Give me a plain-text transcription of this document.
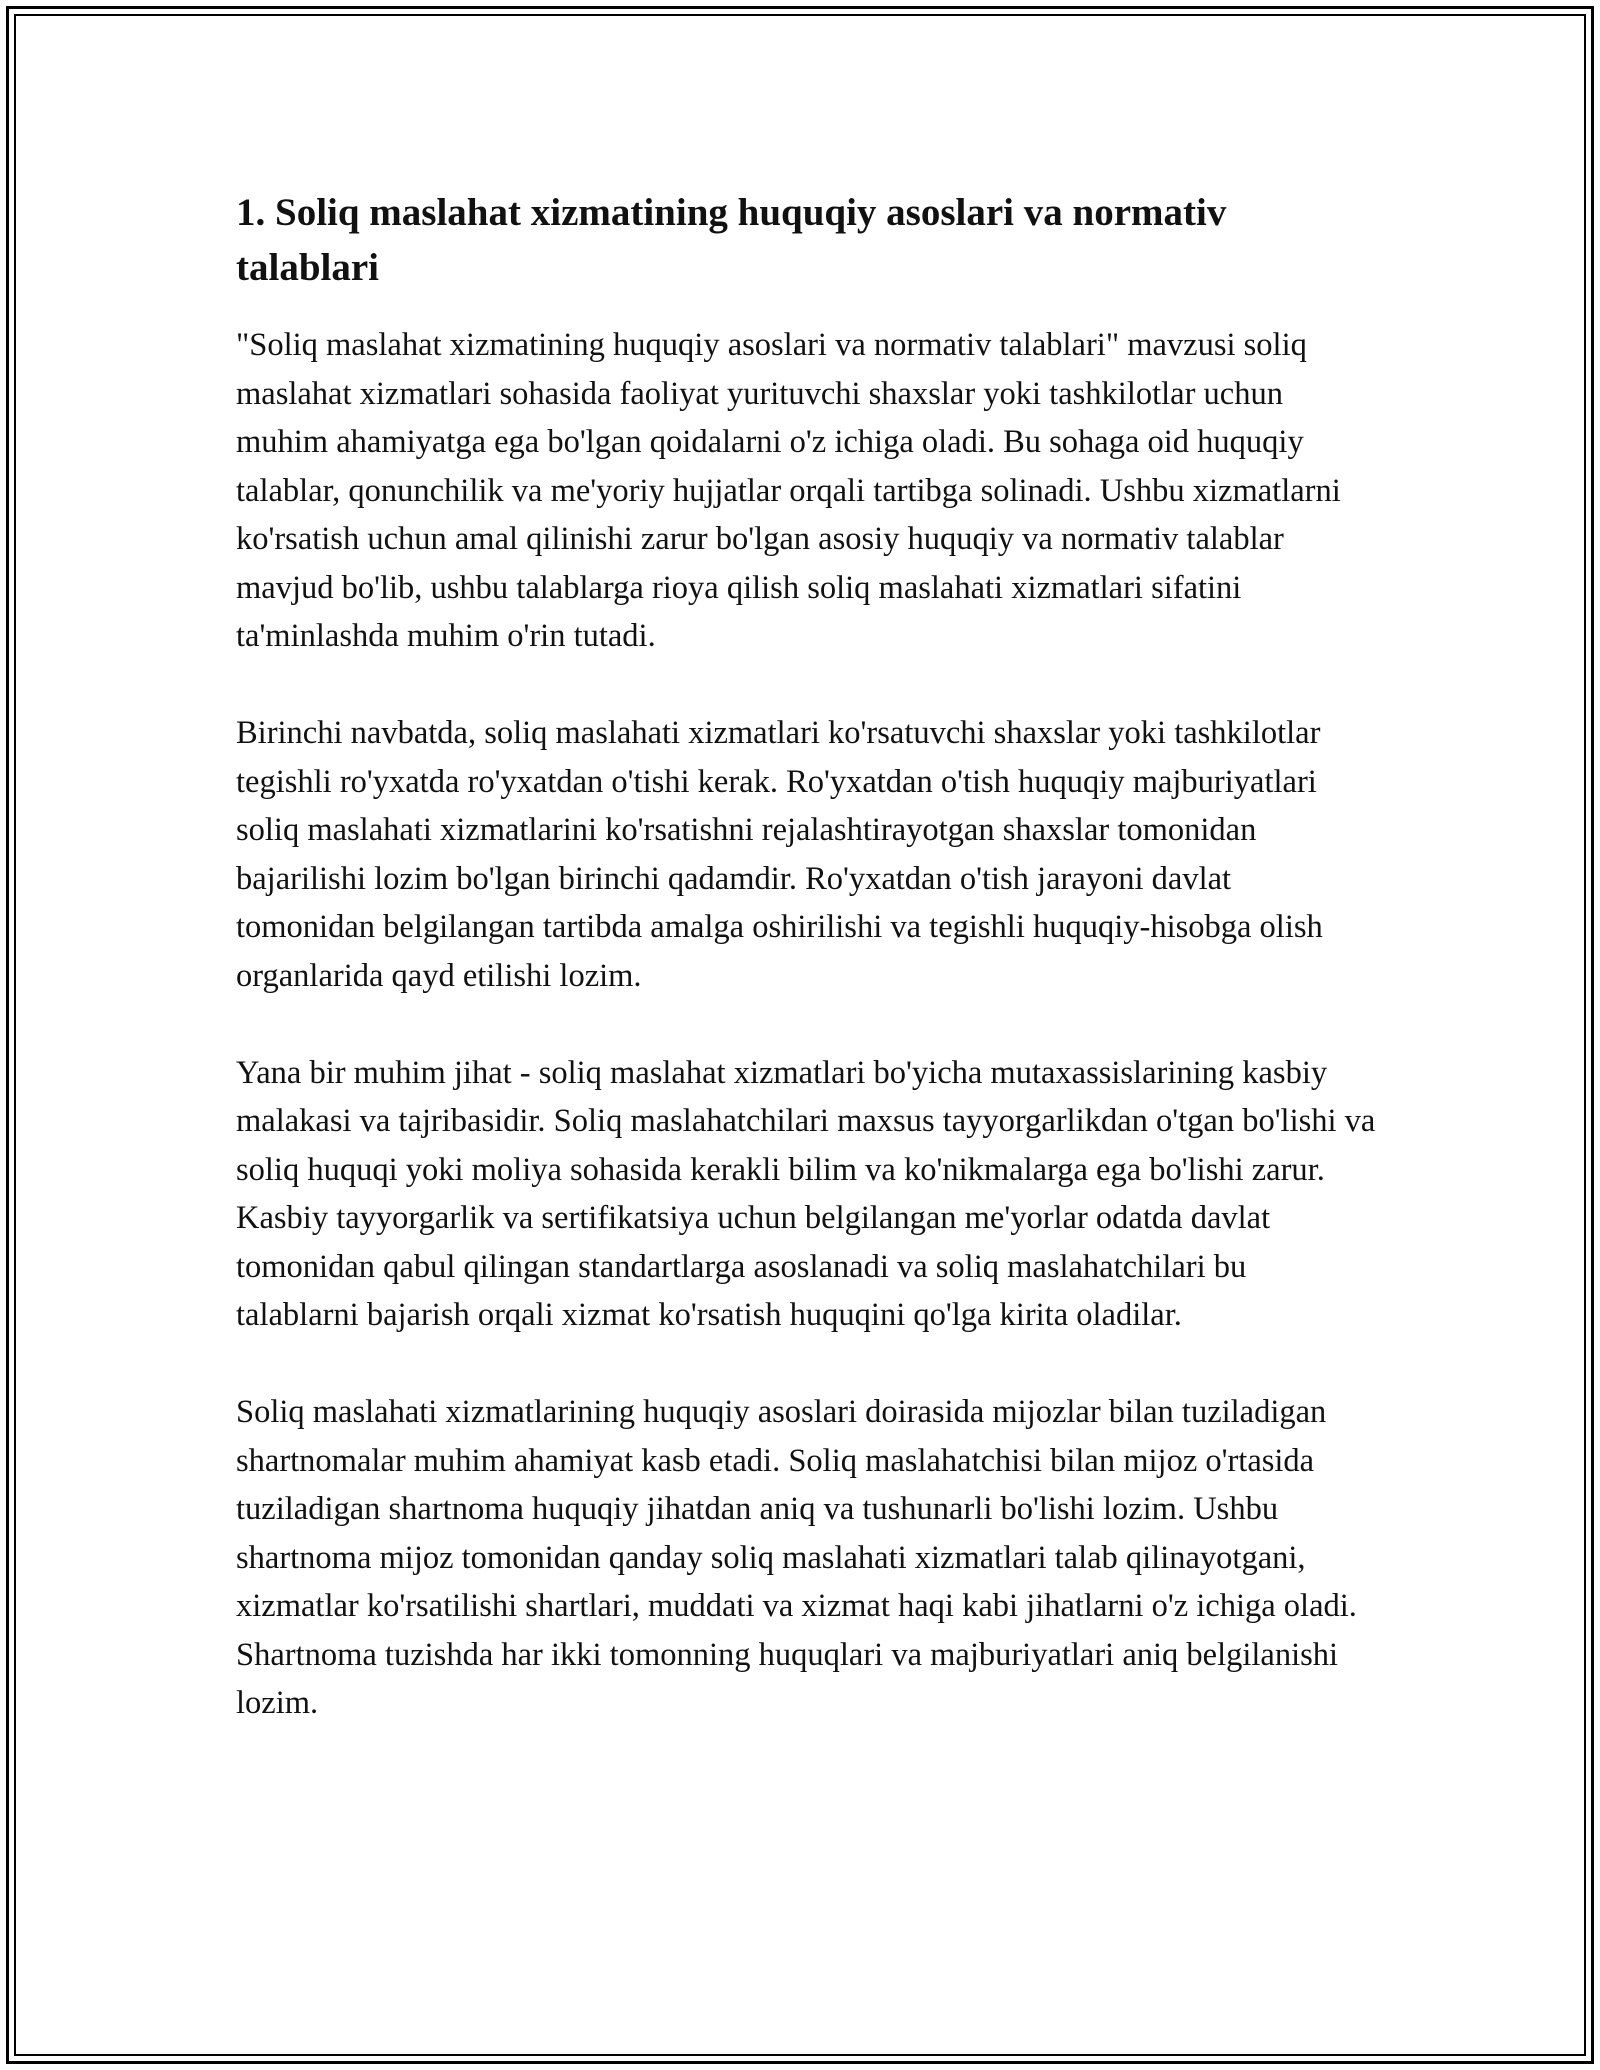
1. Soliq maslahat xizmatining huquqiy asoslari va normativ talablari

"Soliq maslahat xizmatining huquqiy asoslari va normativ talablari" mavzusi soliq maslahat xizmatlari sohasida faoliyat yurituvchi shaxslar yoki tashkilotlar uchun muhim ahamiyatga ega bo'lgan qoidalarni o'z ichiga oladi. Bu sohaga oid huquqiy talablar, qonunchilik va me'yoriy hujjatlar orqali tartibga solinadi. Ushbu xizmatlarni ko'rsatish uchun amal qilinishi zarur bo'lgan asosiy huquqiy va normativ talablar mavjud bo'lib, ushbu talablarga rioya qilish soliq maslahati xizmatlari sifatini ta'minlashda muhim o'rin tutadi.

Birinchi navbatda, soliq maslahati xizmatlari ko'rsatuvchi shaxslar yoki tashkilotlar tegishli ro'yxatda ro'yxatdan o'tishi kerak. Ro'yxatdan o'tish huquqiy majburiyatlari soliq maslahati xizmatlarini ko'rsatishni rejalashtirayotgan shaxslar tomonidan bajarilishi lozim bo'lgan birinchi qadamdir. Ro'yxatdan o'tish jarayoni davlat tomonidan belgilangan tartibda amalga oshirilishi va tegishli huquqiy-hisobga olish organlarida qayd etilishi lozim.

Yana bir muhim jihat - soliq maslahat xizmatlari bo'yicha mutaxassislarining kasbiy malakasi va tajribasidir. Soliq maslahatchilari maxsus tayyorgarlikdan o'tgan bo'lishi va soliq huquqi yoki moliya sohasida kerakli bilim va ko'nikmalarga ega bo'lishi zarur. Kasbiy tayyorgarlik va sertifikatsiya uchun belgilangan me'yorlar odatda davlat tomonidan qabul qilingan standartlarga asoslanadi va soliq maslahatchilari bu talablarni bajarish orqali xizmat ko'rsatish huquqini qo'lga kirita oladilar.

Soliq maslahati xizmatlarining huquqiy asoslari doirasida mijozlar bilan tuziladigan shartnomalar muhim ahamiyat kasb etadi. Soliq maslahatchisi bilan mijoz o'rtasida tuziladigan shartnoma huquqiy jihatdan aniq va tushunarli bo'lishi lozim. Ushbu shartnoma mijoz tomonidan qanday soliq maslahati xizmatlari talab qilinayotgani, xizmatlar ko'rsatilishi shartlari, muddati va xizmat haqi kabi jihatlarni o'z ichiga oladi. Shartnoma tuzishda har ikki tomonning huquqlari va majburiyatlari aniq belgilanishi lozim.
